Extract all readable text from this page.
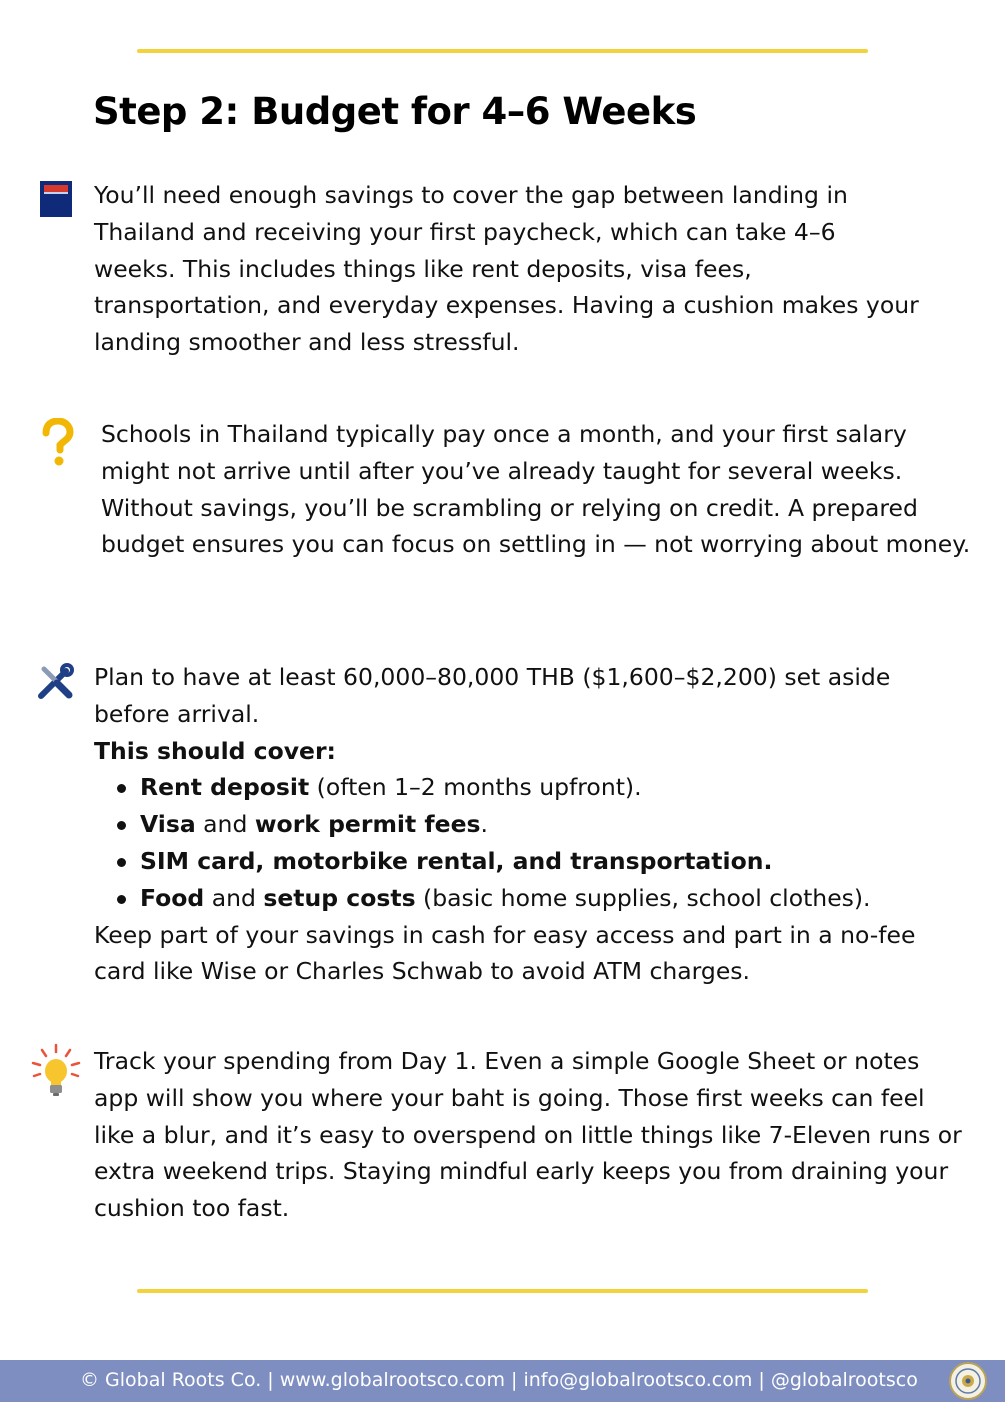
Step 2: Budget for 4–6 Weeks

You’ll need enough savings to cover the gap between landing in Thailand and receiving your first paycheck, which can take 4–6 weeks. This includes things like rent deposits, visa fees, transportation, and everyday expenses. Having a cushion makes your landing smoother and less stressful.

Schools in Thailand typically pay once a month, and your first salary might not arrive until after you’ve already taught for several weeks. Without savings, you’ll be scrambling or relying on credit. A prepared budget ensures you can focus on settling in — not worrying about money.

Plan to have at least 60,000–80,000 THB ($1,600–$2,200) set aside before arrival.
This should cover:
Rent deposit (often 1–2 months upfront).
Visa and work permit fees.
SIM card, motorbike rental, and transportation.
Food and setup costs (basic home supplies, school clothes).
Keep part of your savings in cash for easy access and part in a no-fee card like Wise or Charles Schwab to avoid ATM charges.

Track your spending from Day 1. Even a simple Google Sheet or notes app will show you where your baht is going. Those first weeks can feel like a blur, and it’s easy to overspend on little things like 7-Eleven runs or extra weekend trips. Staying mindful early keeps you from draining your cushion too fast.

© Global Roots Co. | www.globalrootsco.com | info@globalrootsco.com | @globalrootsco
